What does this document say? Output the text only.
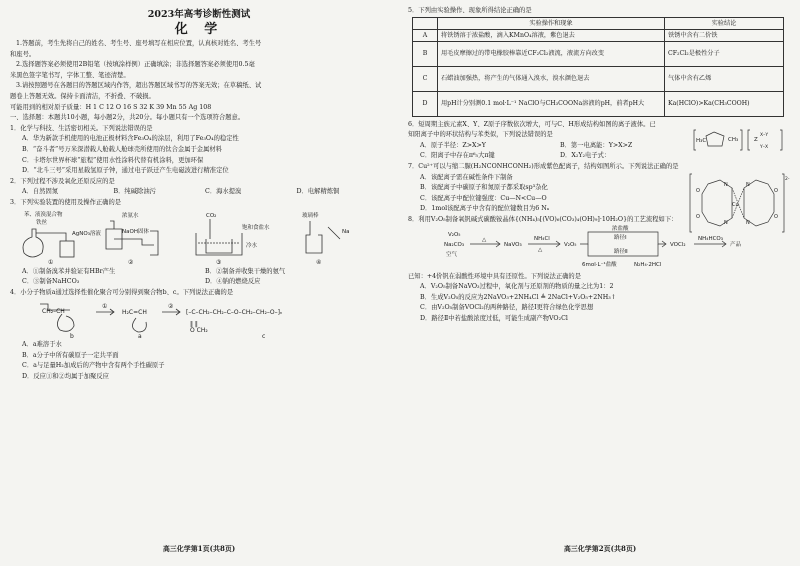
2023年高考诊断性测试
化 学

1.答题前，考生先将自己的姓名、考生号、座号填写在相应位置，认真核对姓名、考生号

和座号。

2.选择题答案必须使用2B铅笔（按填涂样例）正确填涂；非选择题答案必须使用0.5毫

米黑色签字笔书写，字体工整、笔迹清楚。

3.请按照题号在各题目的答题区域内作答，超出答题区域书写的答案无效；在草稿纸、试

题卷上答题无效。保持卡面清洁，不折叠、不破损。

可能用到的相对原子质量：H 1 C 12 O 16 S 32 K 39 Mn 55 Ag 108

一、选择题：本题共10小题，每小题2分，共20分。每小题只有一个选项符合题意。

1．化学与科技、生活密切相关。下列说法错误的是

A．华为新款手机使用的电池正极材料含Fe₃O₄的涂层，利用了Fe₃O₄的稳定性

B．“奋斗者”号万米深潜载人舱载人舱球壳所使用的钛合金属于金属材料

C．卡塔尔世界杯球“旅程”使用水性涂料代替有机涂料，更加环保

D．“北斗三号”采用星载氢原子钟，通过电子跃迁产生电磁波进行精准定位

2．下列过程不涉及氧化还原反应的是

A．自然固氮	B．纯碱除油污	C．海水提溴	D．电解精炼铜

3．下列实验装置的使用及操作正确的是

苯、液溴混合物
铁丝
AgNO₃溶液
①
浓氨水
NaOH固体
②
CO₂
饱和食盐水
冷水
③
玻璃棒
Na
④
A．①制备溴苯并验证有HBr产生	B．②制备并收集干燥的氨气
C．③制备NaHCO₃	D．④钠的燃烧反应

4．小分子物质a通过选择性催化聚合可分别得到聚合物b、c。下列说法正确的是

CH₂–CH
b
①
H₂C=CH
a
②
[–C–CH₂–CH₂–C–O–CH₂–CH₂–O–]ₙ
‖ ‖
O CH₂
c

A．a难溶于水

B．a分子中所有碳原子一定共平面

C．a与足量H₂加成后的产物中含有两个手性碳原子

D．反应①和②均属于加聚反应

高三化学第1页(共8页)

5．下列由实验操作、现象所得结论正确的是

	实验操作和现象	实验结论
A	将铁锈溶于浓盐酸，滴入KMnO₄溶液，紫色退去	铁锈中含有二价铁
B	用毛皮摩擦过的带电橡胶棒靠近CF₂Cl₂液流，液流方向改变	CF₂Cl₂是极性分子
C	石蜡油加强热，将产生的气体通入溴水，溴水颜色退去	气体中含有乙烯
D	用pH计分别测0.1 mol·L⁻¹ NaClO与CH₃COONa溶液的pH，前者pH大	Ka(HClO)>Ka(CH₃COOH)

6．短周期主族元素X、Y、Z原子序数依次增大，可与C、H形成结构如图的离子液体。已

知阳离子中的环状结构与苯类似，下列说法错误的是

H₃C	CH₃	Z
X–Y
Y–X
A．原子半径：Z>X>Y	B．第一电离能：Y>X>Z
C．阳离子中存在π⁶₅大π键	D．X₂Y₂电子式：

7．Cu²⁺可以与缩二脲(H₂NCONHCONH₂)形成紫色配离子，结构如图所示。下列说法正确的是

2-
Cu
O
O
O
O
N	N
N	N

A．该配离子需在碱性条件下制备

B．该配离子中碳原子和氮原子都采取sp³杂化

C．该配离子中配位键强度：Cu—N<Cu—O

D．1mol该配离子中含有的配位键数目为6 Nₐ

8．利用V₂O₅制备氧钒碱式碳酸铵晶体{(NH₄)₅[(VO)₆(CO₃)₄(OH)₉]·10H₂O}的工艺流程如下：

V₂O₅
Na₂CO₃
空气
△
NaVO₃
NH₄Cl
△
V₂O₅
浓盐酸
路径Ⅰ
路径Ⅱ
VOCl₂
NH₄HCO₃
产品
6mol·L⁻¹盐酸	N₂H₄·2HCl

已知：+4价钒在弱酸性环境中具有还原性。下列说法正确的是

A．V₂O₅制备NaVO₃过程中，氧化剂与还原剂的物质的量之比为1：2

B．生成V₂O₅的反应为2NaVO₃+2NH₄Cl ≜ 2NaCl+V₂O₅+2NH₃↑

C．由V₂O₅制备VOCl₂的两种路径，路径Ⅰ更符合绿色化学思想

D．路径Ⅱ中若盐酸浓度过低，可能生成副产物VO₂Cl

高三化学第2页(共8页)
